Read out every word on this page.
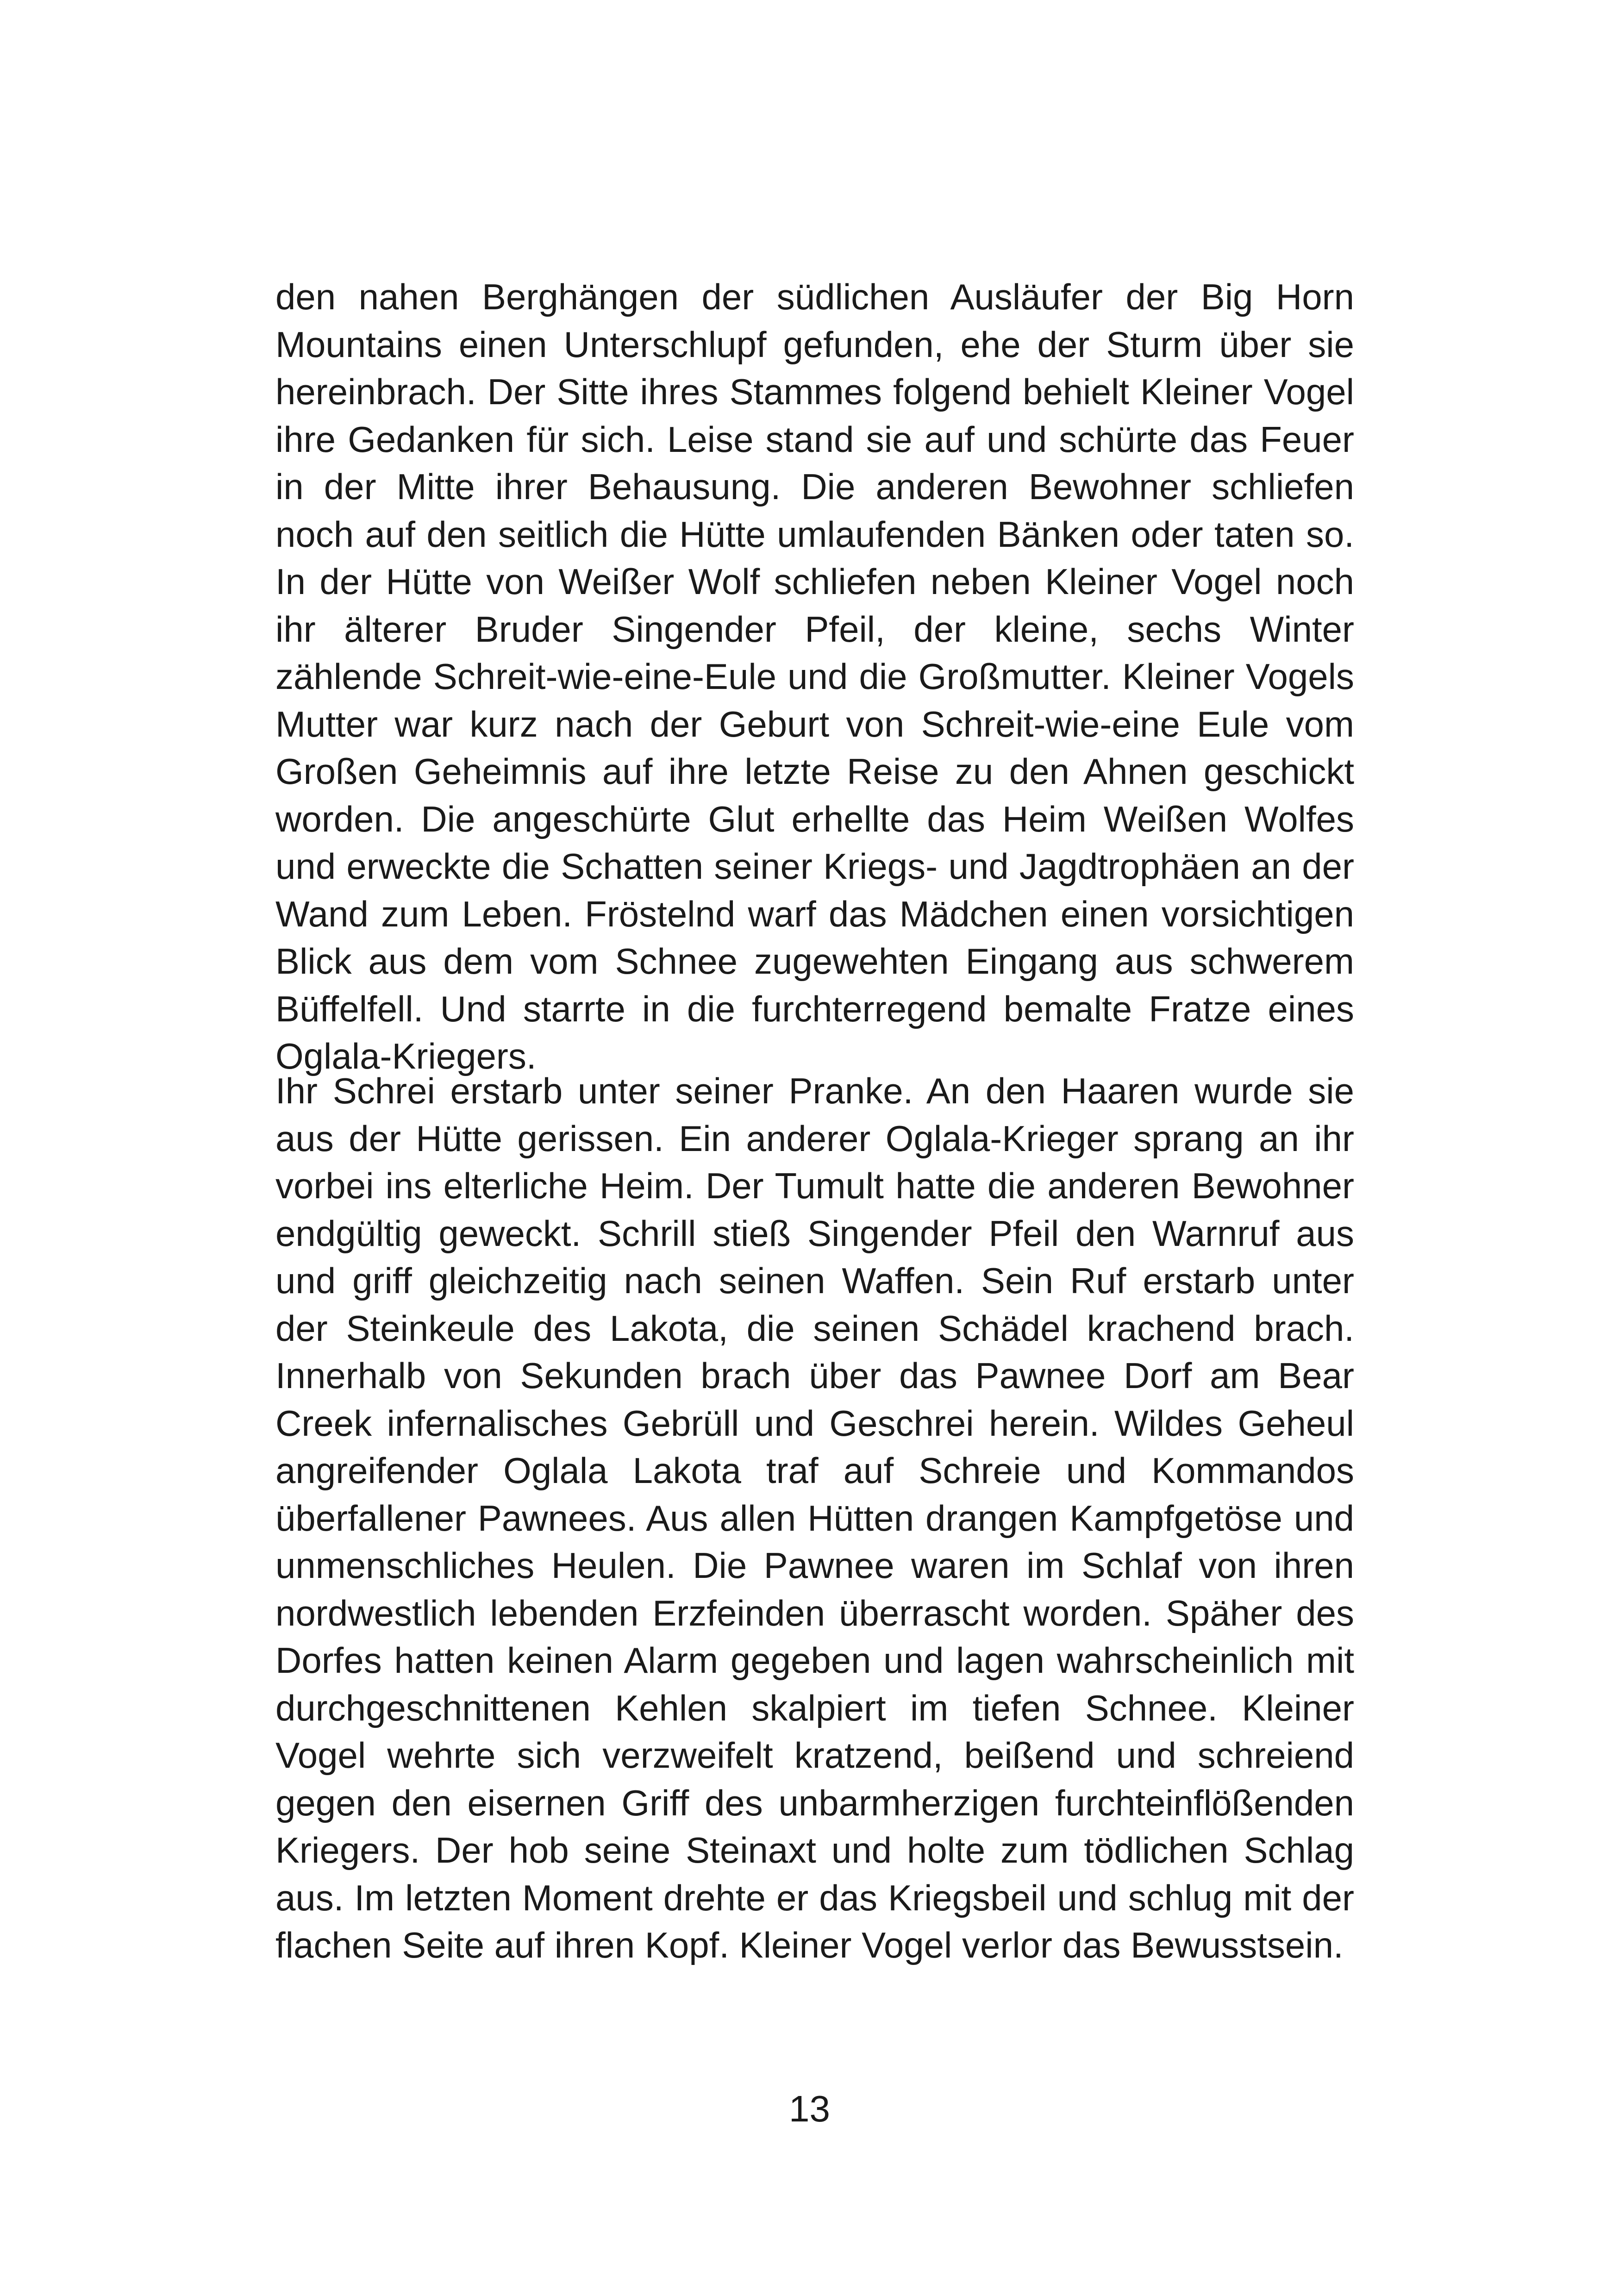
den nahen Berghängen der südlichen Ausläufer der Big Horn Mountains einen Unterschlupf gefunden, ehe der Sturm über sie hereinbrach. Der Sitte ihres Stammes folgend behielt Kleiner Vogel ihre Gedanken für sich. Leise stand sie auf und schürte das Feuer in der Mitte ihrer Behausung. Die anderen Bewohner schliefen noch auf den seitlich die Hütte umlaufenden Bänken oder taten so. In der Hütte von Weißer Wolf schliefen neben Kleiner Vogel noch ihr älterer Bruder Singender Pfeil, der kleine, sechs Winter zählende Schreit-wie-eine-Eule und die Großmutter. Kleiner Vogels Mutter war kurz nach der Geburt von Schreit-wie-eine Eule vom Großen Geheimnis auf ihre letzte Reise zu den Ahnen geschickt worden. Die angeschürte Glut erhellte das Heim Weißen Wolfes und erweckte die Schatten seiner Kriegs- und Jagdtrophäen an der Wand zum Leben. Fröstelnd warf das Mädchen einen vorsichtigen Blick aus dem vom Schnee zugewehten Eingang aus schwerem Büffelfell. Und starrte in die furchterregend bemalte Fratze eines Oglala-Kriegers.

Ihr Schrei erstarb unter seiner Pranke. An den Haaren wurde sie aus der Hütte gerissen. Ein anderer Oglala-Krieger sprang an ihr vorbei ins elterliche Heim. Der Tumult hatte die anderen Bewohner endgültig geweckt. Schrill stieß Singender Pfeil den Warnruf aus und griff gleichzeitig nach seinen Waffen. Sein Ruf erstarb unter der Steinkeule des Lakota, die seinen Schädel krachend brach. Innerhalb von Sekunden brach über das Pawnee Dorf am Bear Creek infernalisches Gebrüll und Geschrei herein. Wildes Geheul angreifender Oglala Lakota traf auf Schreie und Kommandos überfallener Pawnees. Aus allen Hütten drangen Kampfgetöse und unmenschliches Heulen. Die Pawnee waren im Schlaf von ihren nordwestlich lebenden Erzfeinden überrascht worden. Späher des Dorfes hatten keinen Alarm gegeben und lagen wahrscheinlich mit durchgeschnittenen Kehlen skalpiert im tiefen Schnee. Kleiner Vogel wehrte sich verzweifelt kratzend, beißend und schreiend gegen den eisernen Griff des unbarmherzigen furchteinflößenden Kriegers. Der hob seine Steinaxt und holte zum tödlichen Schlag aus. Im letzten Moment drehte er das Kriegsbeil und schlug mit der flachen Seite auf ihren Kopf. Kleiner Vogel verlor das Bewusstsein.

13
